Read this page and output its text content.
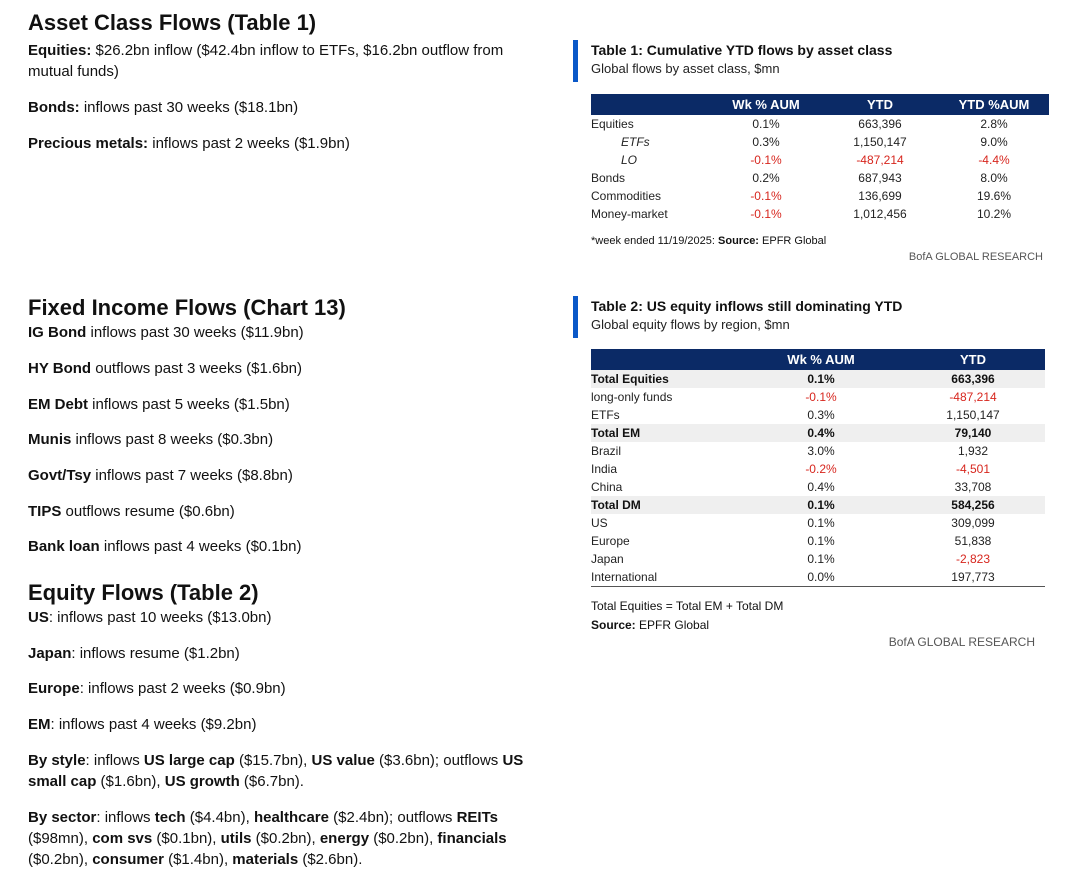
Asset Class Flows (Table 1)

Equities: $26.2bn inflow ($42.4bn inflow to ETFs, $16.2bn outflow from mutual funds)

Bonds: inflows past 30 weeks ($18.1bn)

Precious metals: inflows past 2 weeks ($1.9bn)

Fixed Income Flows (Chart 13)

IG Bond inflows past 30 weeks ($11.9bn)

HY Bond outflows past 3 weeks ($1.6bn)

EM Debt inflows past 5 weeks ($1.5bn)

Munis inflows past 8 weeks ($0.3bn)

Govt/Tsy inflows past 7 weeks ($8.8bn)

TIPS outflows resume ($0.6bn)

Bank loan inflows past 4 weeks ($0.1bn)

Equity Flows (Table 2)

US: inflows past 10 weeks ($13.0bn)

Japan: inflows resume ($1.2bn)

Europe: inflows past 2 weeks ($0.9bn)

EM: inflows past 4 weeks ($9.2bn)

By style: inflows US large cap ($15.7bn), US value ($3.6bn); outflows US small cap ($1.6bn), US growth ($6.7bn).

By sector: inflows tech ($4.4bn), healthcare ($2.4bn); outflows REITs ($98mn), com svs ($0.1bn), utils ($0.2bn), energy ($0.2bn), financials ($0.2bn), consumer ($1.4bn), materials ($2.6bn).

Table 1: Cumulative YTD flows by asset class
Global flows by asset class, $mn
	Wk % AUM	YTD	YTD %AUM
Equities	0.1%	663,396	2.8%
ETFs	0.3%	1,150,147	9.0%
LO	-0.1%	-487,214	-4.4%
Bonds	0.2%	687,943	8.0%
Commodities	-0.1%	136,699	19.6%
Money-market	-0.1%	1,012,456	10.2%
*week ended 11/19/2025: Source: EPFR Global
BofA GLOBAL RESEARCH
Table 2: US equity inflows still dominating YTD
Global equity flows by region, $mn
	Wk % AUM	YTD
Total Equities	0.1%	663,396
long-only funds	-0.1%	-487,214
ETFs	0.3%	1,150,147
Total EM	0.4%	79,140
Brazil	3.0%	1,932
India	-0.2%	-4,501
China	0.4%	33,708
Total DM	0.1%	584,256
US	0.1%	309,099
Europe	0.1%	51,838
Japan	0.1%	-2,823
International	0.0%	197,773
Total Equities = Total EM + Total DM
Source: EPFR Global
BofA GLOBAL RESEARCH
